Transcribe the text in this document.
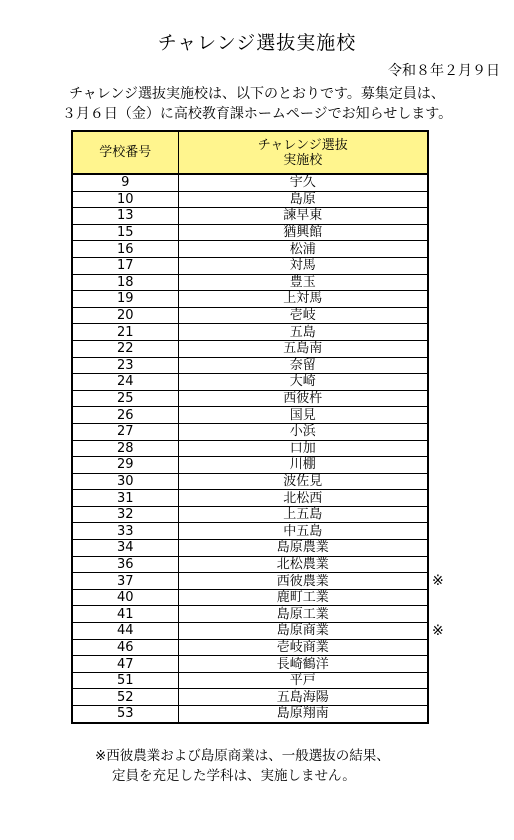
チャレンジ選抜実施校
令和８年２月９日
チャレンジ選抜実施校は、以下のとおりです。募集定員は、
３月６日（金）に高校教育課ホームページでお知らせします。
学校番号	チャレンジ選抜
実施校

9	宇久
10	島原
13	諫早東
15	猶興館
16	松浦
17	対馬
18	豊玉
19	上対馬
20	壱岐
21	五島
22	五島南
23	奈留
24	大崎
25	西彼杵
26	国見
27	小浜
28	口加
29	川棚
30	波佐見
31	北松西
32	上五島
33	中五島
34	島原農業
36	北松農業
37	西彼農業
40	鹿町工業
41	島原工業
44	島原商業
46	壱岐商業
47	長崎鶴洋
51	平戸
52	五島海陽
53	島原翔南
※
※
※西彼農業および島原商業は、一般選抜の結果、
定員を充足した学科は、実施しません。
